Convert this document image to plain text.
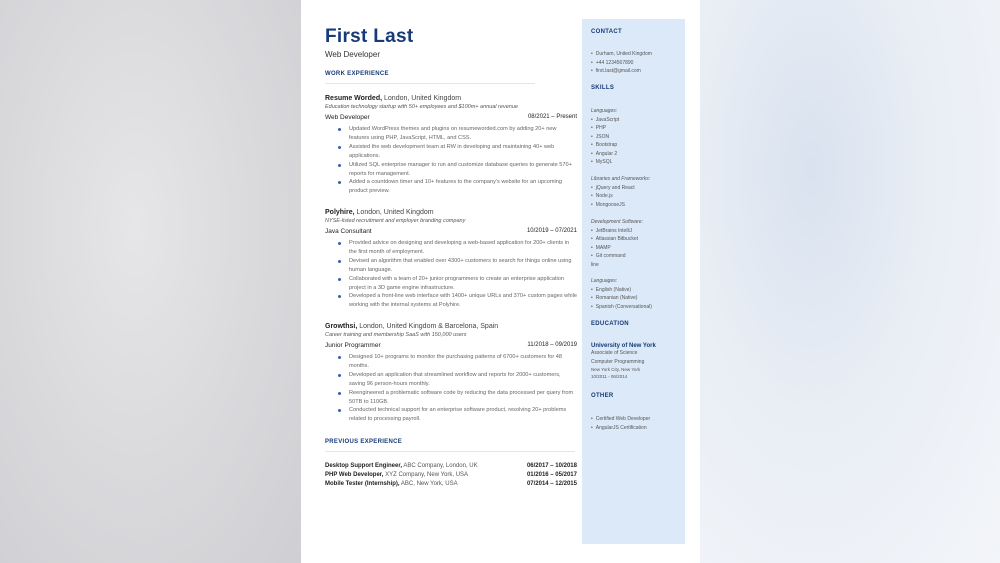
First Last
Web Developer
WORK EXPERIENCE
Resume Worded, London, United Kingdom
Education technology startup with 50+ employees and $100m+ annual revenue
Web Developer	08/2021 – Present
Updated WordPress themes and plugins on resumeworded.com by adding 20+ new features using PHP, JavaScript, HTML, and CSS.
Assisted the web development team at RW in developing and maintaining 40+ web applications.
Utilized SQL enterprise manager to run and customize database queries to generate 570+ reports for management.
Added a countdown timer and 10+ features to the company's website for an upcoming product preview.
Polyhire, London, United Kingdom
NYSE-listed recruitment and employer branding company
Java Consultant	10/2019 – 07/2021
Provided advice on designing and developing a web-based application for 200+ clients in the first month of employment.
Devised an algorithm that enabled over 4300+ customers to search for things online using human language.
Collaborated with a team of 20+ junior programmers to create an enterprise application project in a 3D game engine infrastructure.
Developed a front-line web interface with 1400+ unique URLs and 370+ custom pages while working with the internal systems at Polyhire.
Growthsi, London, United Kingdom & Barcelona, Spain
Career training and membership SaaS with 150,000 users
Junior Programmer	11/2018 – 09/2019
Designed 10+ programs to monitor the purchasing patterns of 6700+ customers for 48 months.
Developed an application that streamlined workflow and reports for 2000+ customers, saving 96 person-hours monthly.
Reengineered a problematic software code by reducing the data processed per query from 50TB to 110GB.
Conducted technical support for an enterprise software product, resolving 20+ problems related to processing payroll.
PREVIOUS EXPERIENCE
Desktop Support Engineer, ABC Company, London, UK	06/2017 – 10/2018
PHP Web Developer, XYZ Company, New York, USA	01/2016 – 05/2017
Mobile Tester (Internship), ABC, New York, USA	07/2014 – 12/2015
CONTACT
• Durham, United Kingdom
• +44 1234567890
• first.last@gmail.com
SKILLS
Languages:
• JavaScript
• PHP
• JSON
• Bootstrap
• Angular 2
• MySQL
Libraries and Frameworks:
• jQuery and React
• Node.js
• MongooseJS
Development Software:
• JetBrains IntelliJ
• Atlassian Bitbucket
• MAMP
• Git command
line
Languages:
• English (Native)
• Romanian (Native)
• Spanish (Conversational)
EDUCATION
University of New York
Associate of Science
Computer Programming
New York City, New York
10/2011 - 06/2014
OTHER
• Certified Web Developer
• AngularJS Certification
